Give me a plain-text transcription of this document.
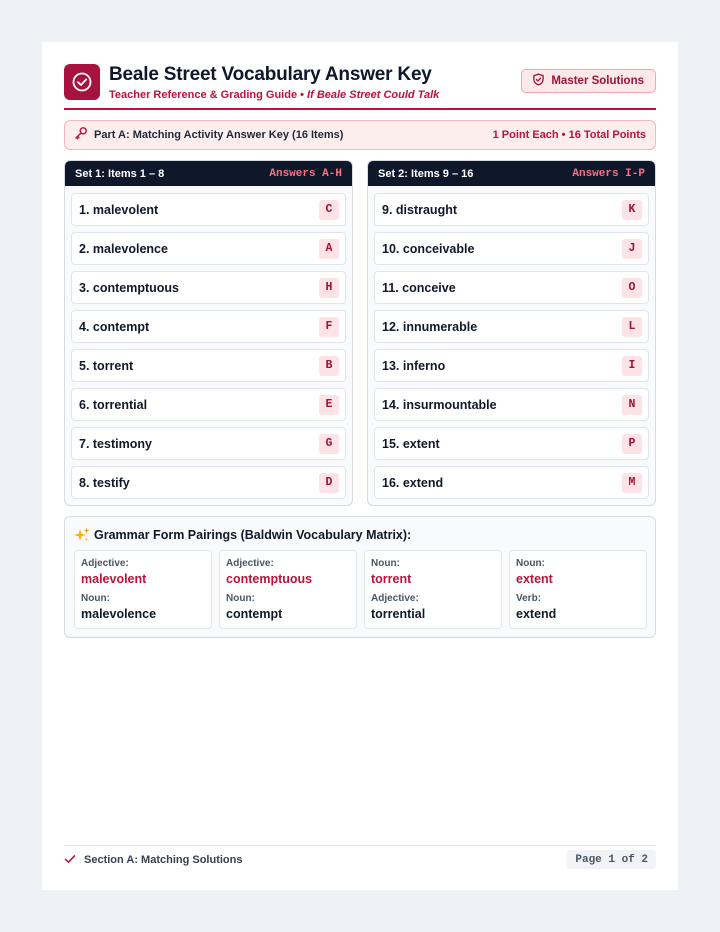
Beale Street Vocabulary Answer Key
Teacher Reference & Grading Guide • If Beale Street Could Talk
Master Solutions
Part A: Matching Activity Answer Key (16 Items)	1 Point Each • 16 Total Points
Set 1: Items 1 – 8	Answers A-H
1. malevolent	C
2. malevolence	A
3. contemptuous	H
4. contempt	F
5. torrent	B
6. torrential	E
7. testimony	G
8. testify	D
Set 2: Items 9 – 16	Answers I-P
9. distraught	K
10. conceivable	J
11. conceive	O
12. innumerable	L
13. inferno	I
14. insurmountable	N
15. extent	P
16. extend	M
Grammar Form Pairings (Baldwin Vocabulary Matrix):
Adjective:
malevolent
Noun:
malevolence
Adjective:
contemptuous
Noun:
contempt
Noun:
torrent
Adjective:
torrential
Noun:
extent
Verb:
extend
Section A: Matching Solutions	Page 1 of 2
